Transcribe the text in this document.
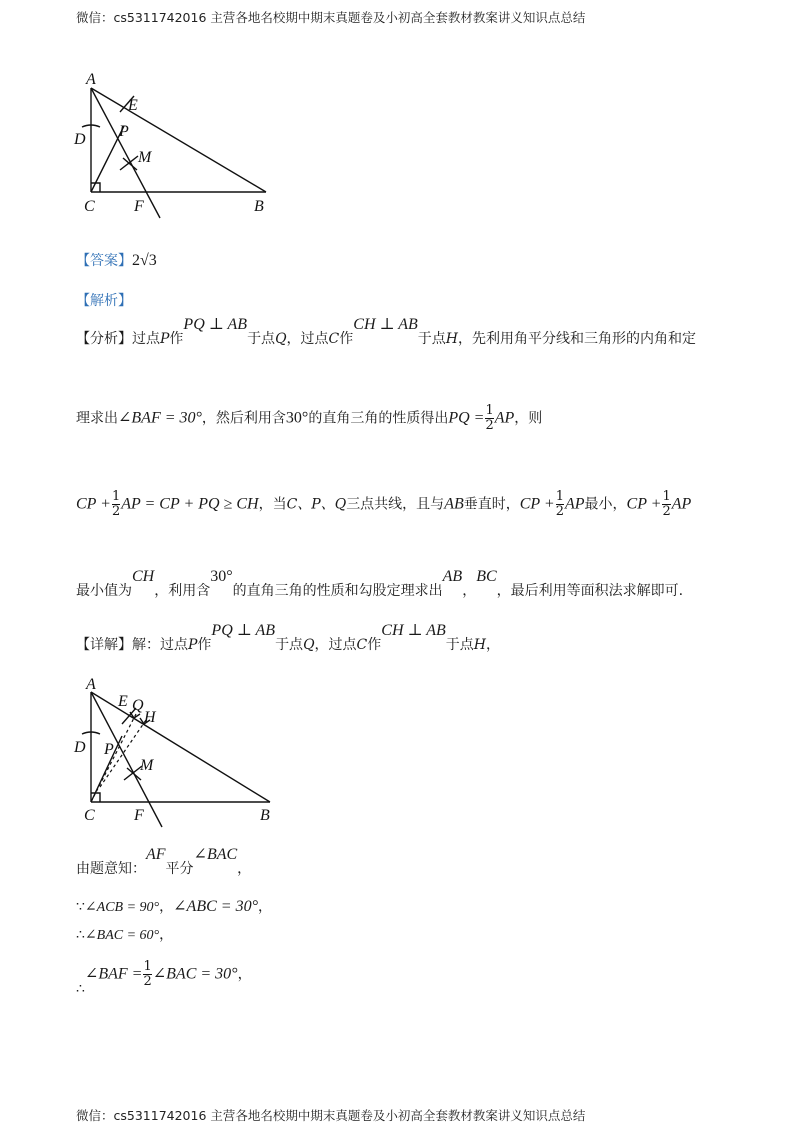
微信：cs5311742016 主营各地名校期中期末真题卷及小初高全套教材教案讲义知识点总结
A
E
D P
M
C F	B
【答案】2√3
【解析】
【分析】过点P作PQ ⊥ AB于点Q，过点C作CH ⊥ AB于点H，先利用角平分线和三角形的内角和定
理求出∠BAF = 30°，然后利用含30°的直角三角的性质得出PQ = $\frac{1}{2}$ AP，则
CP + $\frac{1}{2}$ AP = CP + PQ ≥ CH，当C、P、Q三点共线，且与AB垂直时，CP + $\frac{1}{2}$ AP最小，CP + $\frac{1}{2}$ AP
最小值为CH，利用含30°的直角三角的性质和勾股定理求出AB，BC，最后利用等面积法求解即可.
【详解】解：过点P作PQ ⊥ AB于点Q，过点C作CH ⊥ AB于点H，
A
E Q
H
D P
M
C F	B
由题意知：AF平分∠BAC，
∵∠ACB = 90°，∠ABC = 30°，
∴∠BAC = 60°，
∴∠BAF = $\frac{1}{2}$ ∠BAC = 30°，
微信：cs5311742016 主营各地名校期中期末真题卷及小初高全套教材教案讲义知识点总结
